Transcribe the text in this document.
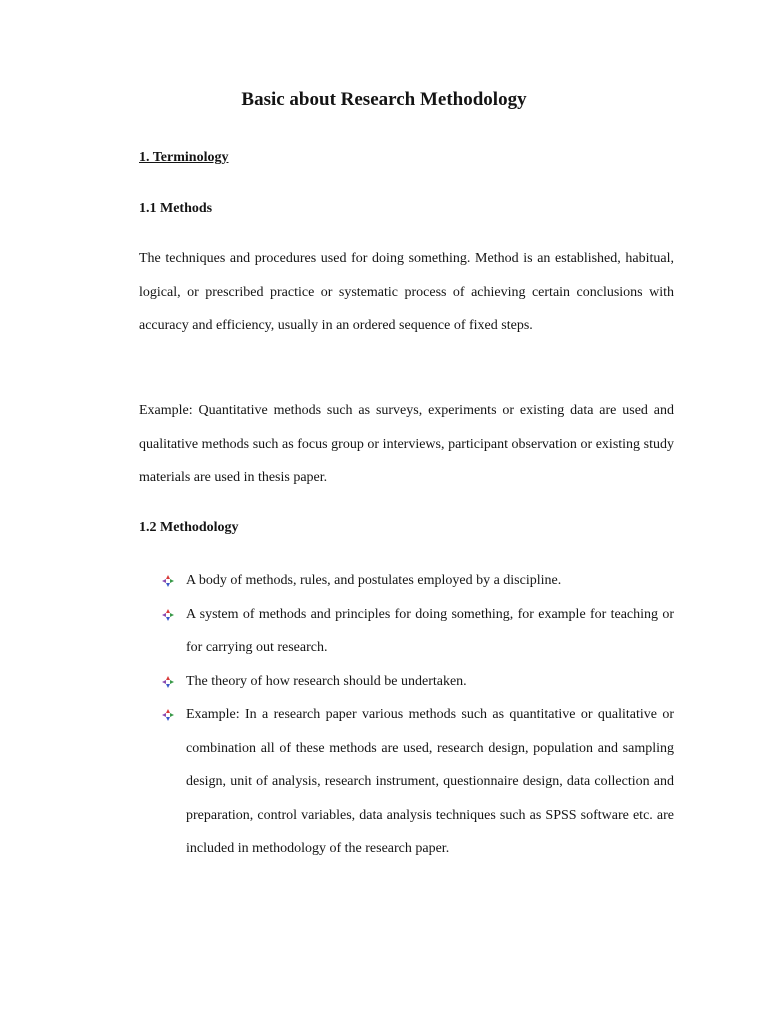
Basic about Research Methodology
1. Terminology
1.1 Methods

The techniques and procedures used for doing something. Method is an established, habitual, logical, or prescribed practice or systematic process of achieving certain conclusions with accuracy and efficiency, usually in an ordered sequence of fixed steps.

Example: Quantitative methods such as surveys, experiments or existing data are used and qualitative methods such as focus group or interviews, participant observation or existing study materials are used in thesis paper.

1.2 Methodology
A body of methods, rules, and postulates employed by a discipline.
A system of methods and principles for doing something, for example for teaching or for carrying out research.
The theory of how research should be undertaken.
Example: In a research paper various methods such as quantitative or qualitative or combination all of these methods are used, research design, population and sampling design, unit of analysis, research instrument, questionnaire design, data collection and preparation, control variables, data analysis techniques such as SPSS software etc. are included in methodology of the research paper.
